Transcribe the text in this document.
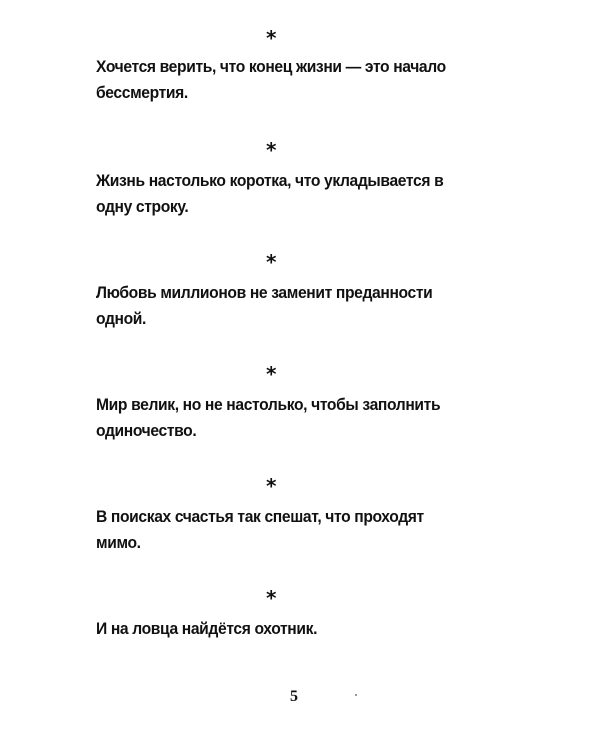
*

Хочется верить, что конец жизни — это начало бессмертия.

*

Жизнь настолько коротка, что укладывается в одну строку.

*

Любовь миллионов не заменит преданности одной.

*

Мир велик, но не настолько, чтобы заполнить одиночество.

*

В поисках счастья так спешат, что проходят мимо.

*

И на ловца найдётся охотник.

5
